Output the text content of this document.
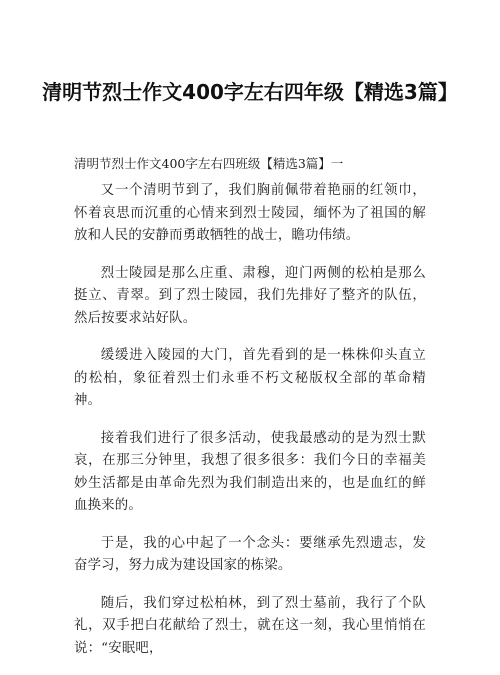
清明节烈士作文400字左右四年级【精选3篇】

清明节烈士作文400字左右四班级【精选3篇】一

又一个清明节到了，我们胸前佩带着艳丽的红领巾，怀着哀思而沉重的心情来到烈士陵园，缅怀为了祖国的解放和人民的安静而勇敢牺牲的战士，瞻功伟绩。

烈士陵园是那么庄重、肃穆，迎门两侧的松柏是那么挺立、青翠。到了烈士陵园，我们先排好了整齐的队伍，然后按要求站好队。

缓缓进入陵园的大门，首先看到的是一株株仰头直立的松柏，象征着烈士们永垂不朽文秘版权全部的革命精神。

接着我们进行了很多活动，使我最感动的是为烈士默哀，在那三分钟里，我想了很多很多：我们今日的幸福美妙生活都是由革命先烈为我们制造出来的，也是血红的鲜血换来的。

于是，我的心中起了一个念头：要继承先烈遗志，发奋学习，努力成为建设国家的栋梁。

随后，我们穿过松柏林，到了烈士墓前，我行了个队礼，双手把白花献给了烈士，就在这一刻，我心里悄悄在说：“安眠吧，
